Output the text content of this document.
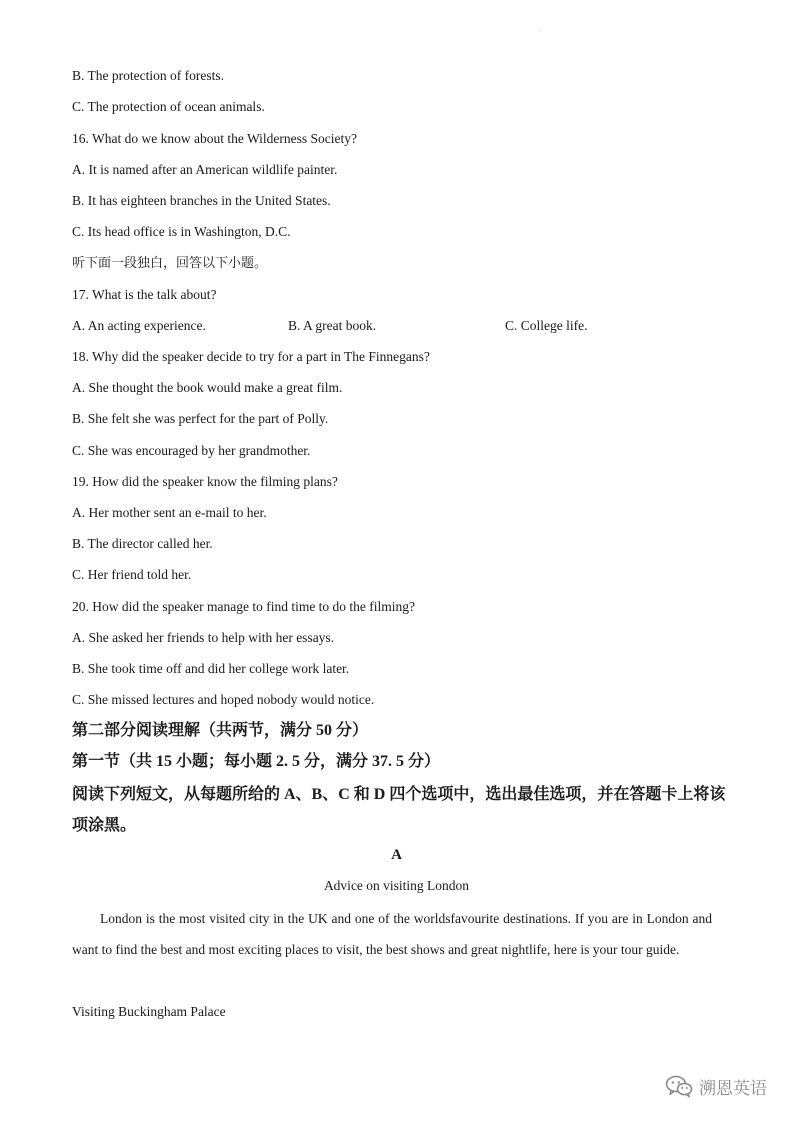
B. The protection of forests.
C. The protection of ocean animals.
16. What do we know about the Wilderness Society?
A. It is named after an American wildlife painter.
B. It has eighteen branches in the United States.
C. Its head office is in Washington, D.C.
听下面一段独白，回答以下小题。
17. What is the talk about?
A. An acting experience.	B. A great book.	C. College life.
18. Why did the speaker decide to try for a part in The Finnegans?
A. She thought the book would make a great film.
B. She felt she was perfect for the part of Polly.
C. She was encouraged by her grandmother.
19. How did the speaker know the filming plans?
A. Her mother sent an e-mail to her.
B. The director called her.
C. Her friend told her.
20. How did the speaker manage to find time to do the filming?
A. She asked her friends to help with her essays.
B. She took time off and did her college work later.
C. She missed lectures and hoped nobody would notice.
第二部分阅读理解（共两节，满分 50 分）
第一节（共 15 小题；每小题 2. 5 分，满分 37. 5 分）
阅读下列短文，从每题所给的 A、B、C 和 D 四个选项中，选出最佳选项，并在答题卡上将该
项涂黑。
A
Advice on visiting London
London is the most visited city in the UK and one of the worldsfavourite destinations. If you are in London and want to find the best and most exciting places to visit, the best shows and great nightlife, here is your tour guide.
Visiting Buckingham Palace
溯恩英语
